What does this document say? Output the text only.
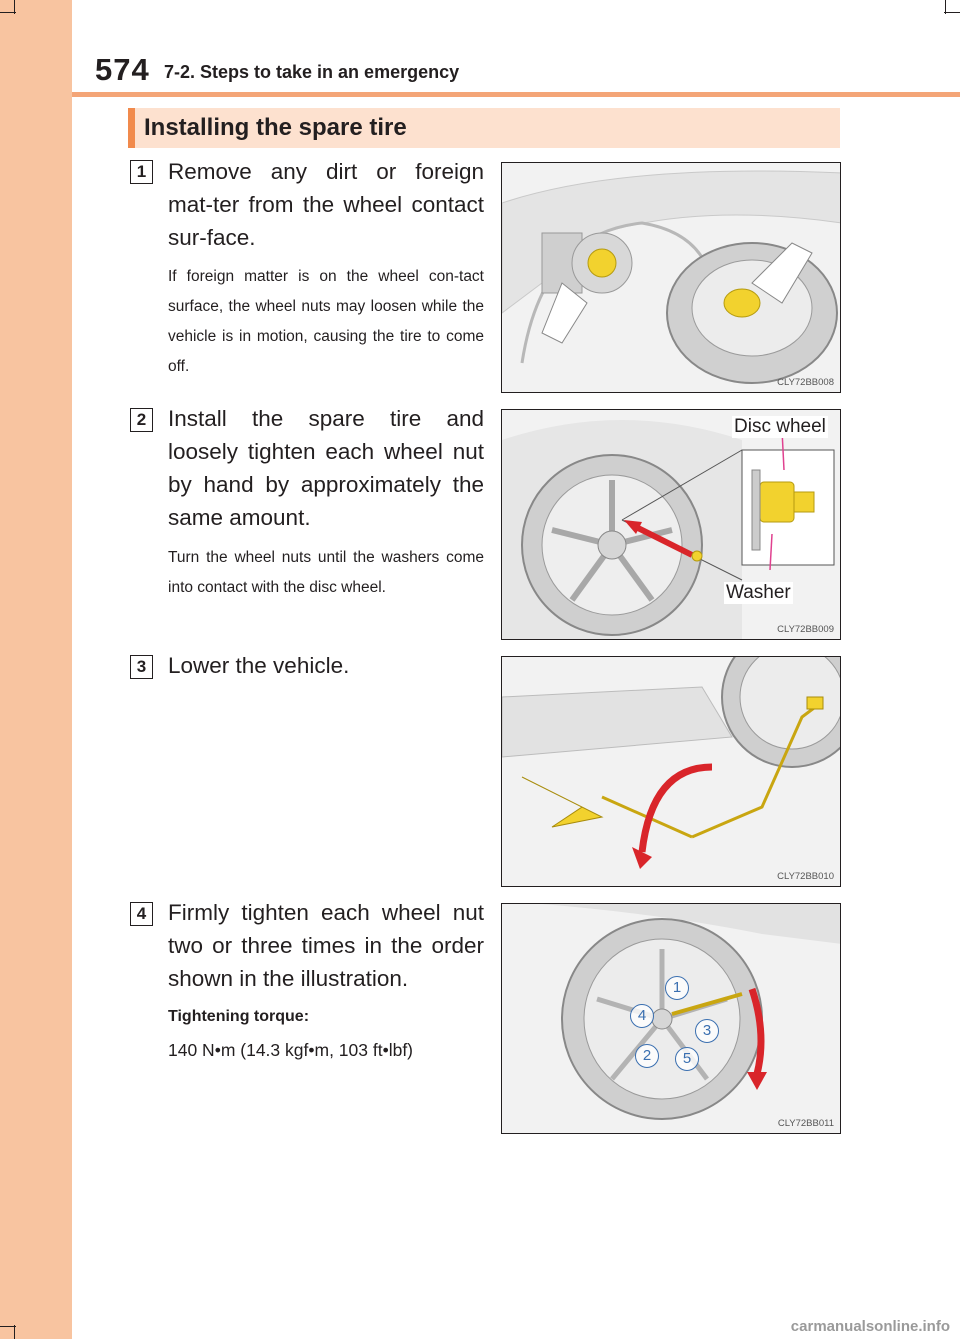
574 7-2. Steps to take in an emergency
Installing the spare tire
1 Remove any dirt or foreign mat-ter from the wheel contact sur-face.
If foreign matter is on the wheel con-tact surface, the wheel nuts may loosen while the vehicle is in motion, causing the tire to come off.
CLY72BB008
2 Install the spare tire and loosely tighten each wheel nut by hand by approximately the same amount.
Turn the wheel nuts until the washers come into contact with the disc wheel.
Disc wheel
Washer
CLY72BB009
3 Lower the vehicle.
CLY72BB010
4 Firmly tighten each wheel nut two or three times in the order shown in the illustration.
Tightening torque:
140 N•m (14.3 kgf•m, 103 ft•lbf)
1
2
3
4
5
CLY72BB011
carmanualsonline.info
